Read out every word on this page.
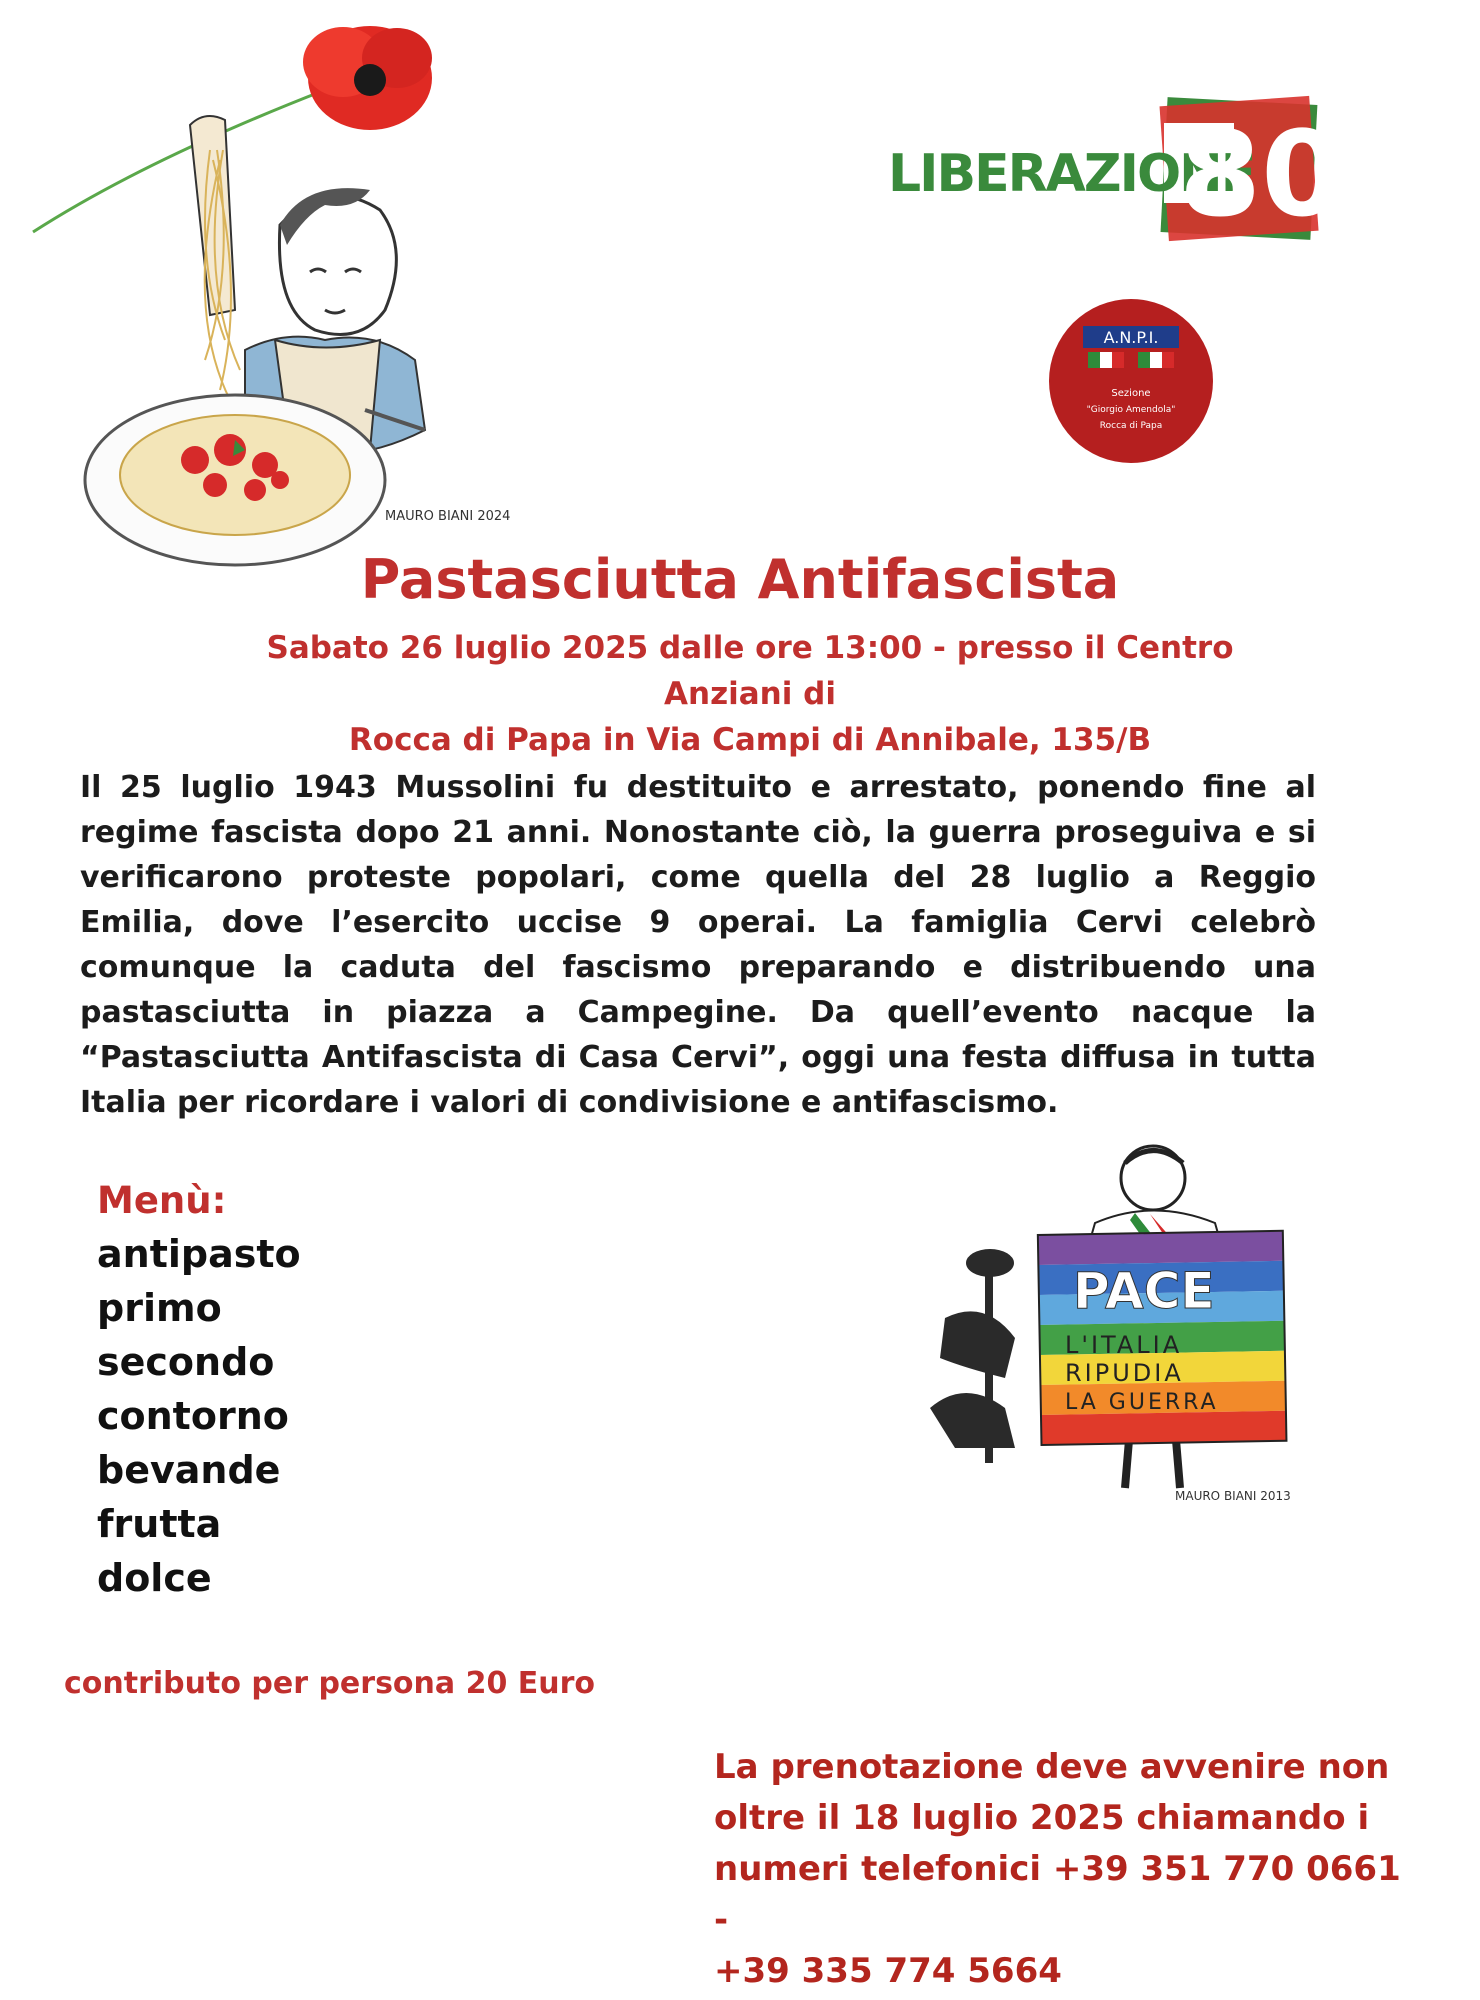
MAURO BIANI 2024
LIBERAZIONE
80
A.N.P.I.
Sezione
"Giorgio Amendola"
Rocca di Papa
Pastasciutta Antifascista
Sabato 26 luglio 2025 dalle ore 13:00 - presso il Centro Anziani di
Rocca di Papa in Via Campi di Annibale, 135/B
Il 25 luglio 1943 Mussolini fu destituito e arrestato, ponendo fine al regime fascista dopo 21 anni. Nonostante ciò, la guerra proseguiva e si verificarono proteste popolari, come quella del 28 luglio a Reggio Emilia, dove l’esercito uccise 9 operai. La famiglia Cervi celebrò comunque la caduta del fascismo preparando e distribuendo una pastasciutta in piazza a Campegine. Da quell’evento nacque la “Pastasciutta Antifascista di Casa Cervi”, oggi una festa diffusa in tutta Italia per ricordare i valori di condivisione e antifascismo.
Menù:
antipasto
primo
secondo
contorno
bevande
frutta
dolce
PACE
L'ITALIA
RIPUDIA
LA GUERRA
MAURO BIANI 2013
contributo per persona 20 Euro
La prenotazione deve avvenire non
oltre il 18 luglio 2025 chiamando i
numeri telefonici +39 351 770 0661 -
+39 335 774 5664
